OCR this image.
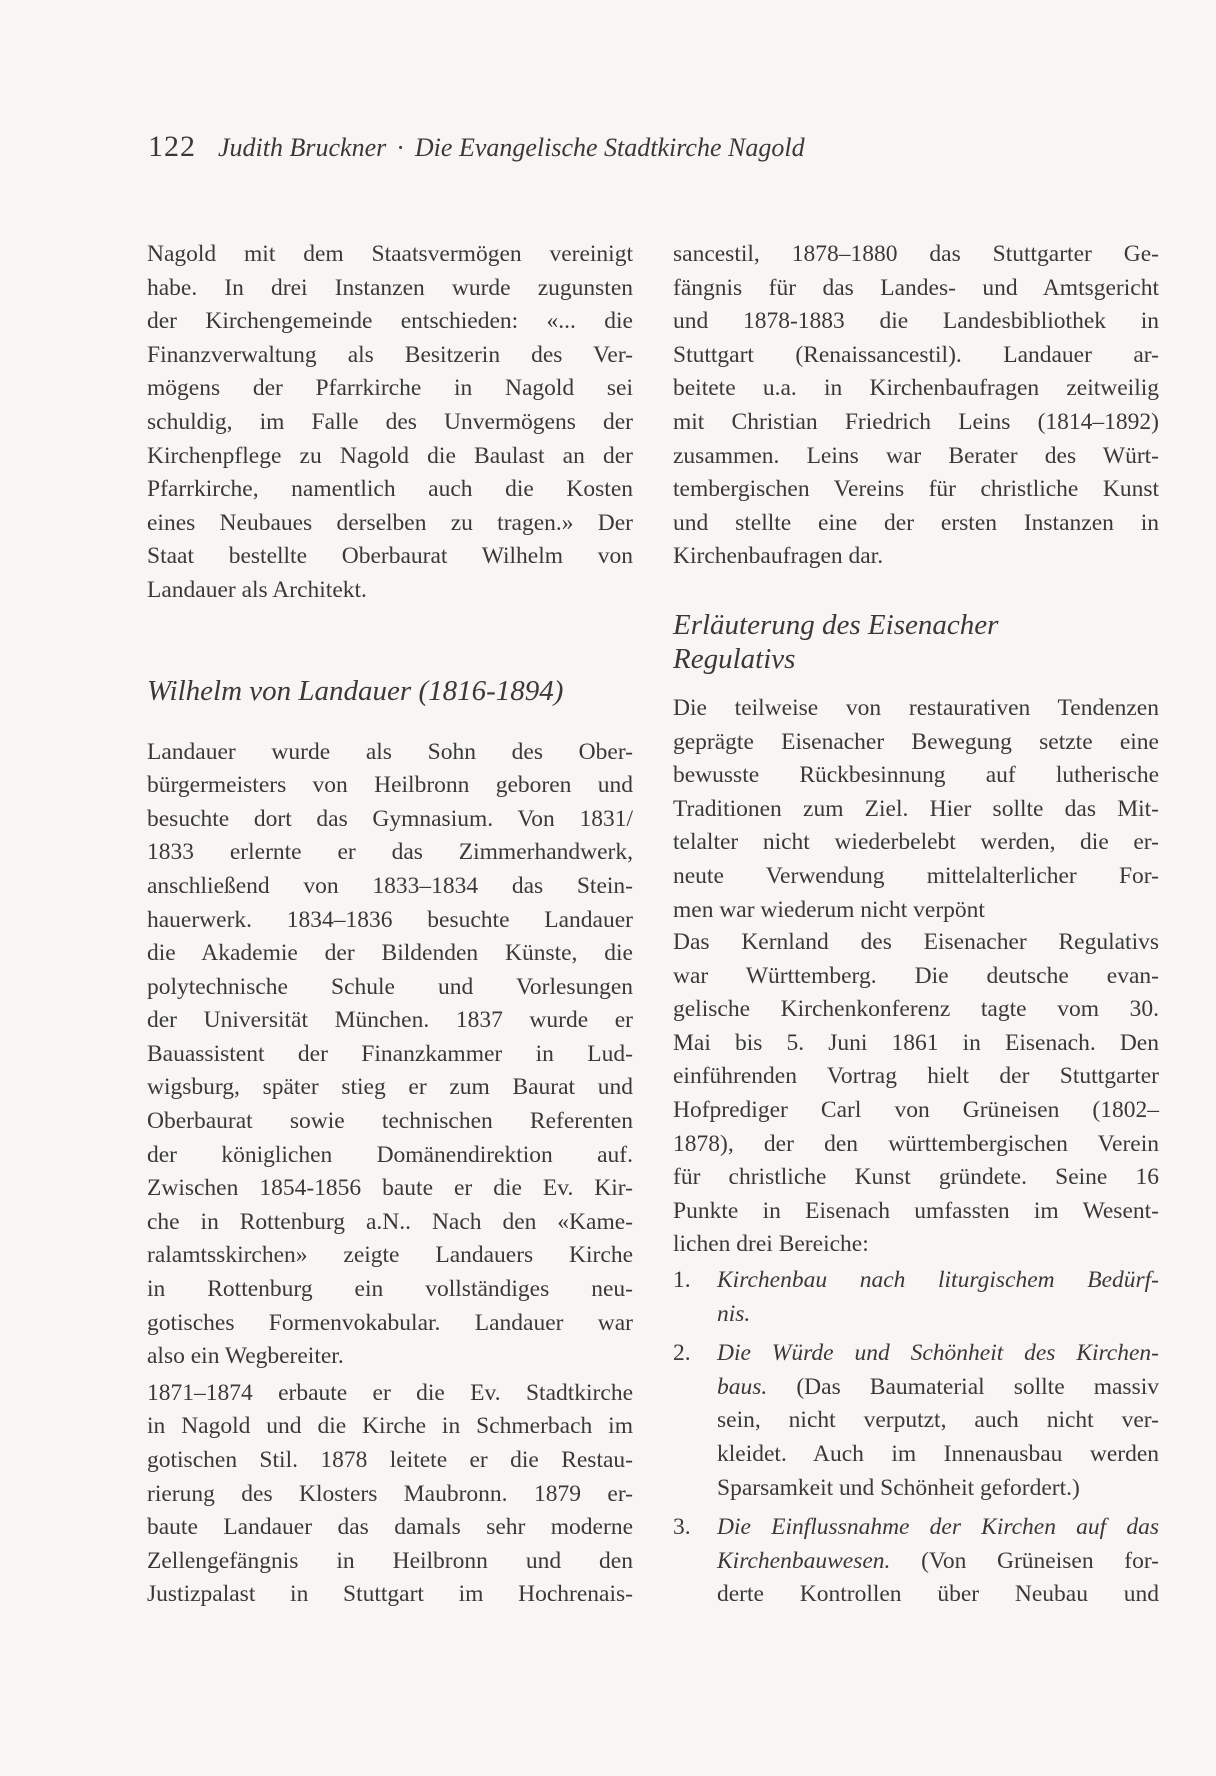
122 Judith Bruckner · Die Evangelische Stadtkirche Nagold
Nagold mit dem Staatsvermögen vereinigt
habe. In drei Instanzen wurde zugunsten
der Kirchengemeinde entschieden: «... die
Finanzverwaltung als Besitzerin des Ver-
mögens der Pfarrkirche in Nagold sei
schuldig, im Falle des Unvermögens der
Kirchenpflege zu Nagold die Baulast an der
Pfarrkirche, namentlich auch die Kosten
eines Neubaues derselben zu tragen.» Der
Staat bestellte Oberbaurat Wilhelm von
Landauer als Architekt.
Wilhelm von Landauer (1816-1894)
Landauer wurde als Sohn des Ober-
bürgermeisters von Heilbronn geboren und
besuchte dort das Gymnasium. Von 1831/
1833 erlernte er das Zimmerhandwerk,
anschließend von 1833–1834 das Stein-
hauerwerk. 1834–1836 besuchte Landauer
die Akademie der Bildenden Künste, die
polytechnische Schule und Vorlesungen
der Universität München. 1837 wurde er
Bauassistent der Finanzkammer in Lud-
wigsburg, später stieg er zum Baurat und
Oberbaurat sowie technischen Referenten
der königlichen Domänendirektion auf.
Zwischen 1854-1856 baute er die Ev. Kir-
che in Rottenburg a.N.. Nach den «Kame-
ralamtsskirchen» zeigte Landauers Kirche
in Rottenburg ein vollständiges neu-
gotisches Formenvokabular. Landauer war
also ein Wegbereiter.
1871–1874 erbaute er die Ev. Stadtkirche
in Nagold und die Kirche in Schmerbach im
gotischen Stil. 1878 leitete er die Restau-
rierung des Klosters Maubronn. 1879 er-
baute Landauer das damals sehr moderne
Zellengefängnis in Heilbronn und den
Justizpalast in Stuttgart im Hochrenais-
sancestil, 1878–1880 das Stuttgarter Ge-
fängnis für das Landes- und Amtsgericht
und 1878-1883 die Landesbibliothek in
Stuttgart (Renaissancestil). Landauer ar-
beitete u.a. in Kirchenbaufragen zeitweilig
mit Christian Friedrich Leins (1814–1892)
zusammen. Leins war Berater des Würt-
tembergischen Vereins für christliche Kunst
und stellte eine der ersten Instanzen in
Kirchenbaufragen dar.
Erläuterung des Eisenacher
Regulativs
Die teilweise von restaurativen Tendenzen
geprägte Eisenacher Bewegung setzte eine
bewusste Rückbesinnung auf lutherische
Traditionen zum Ziel. Hier sollte das Mit-
telalter nicht wiederbelebt werden, die er-
neute Verwendung mittelalterlicher For-
men war wiederum nicht verpönt
Das Kernland des Eisenacher Regulativs
war Württemberg. Die deutsche evan-
gelische Kirchenkonferenz tagte vom 30.
Mai bis 5. Juni 1861 in Eisenach. Den
einführenden Vortrag hielt der Stuttgarter
Hofprediger Carl von Grüneisen (1802–
1878), der den württembergischen Verein
für christliche Kunst gründete. Seine 16
Punkte in Eisenach umfassten im Wesent-
lichen drei Bereiche:
1. Kirchenbau nach liturgischem Bedürf-
nis.
2. Die Würde und Schönheit des Kirchen-
baus. (Das Baumaterial sollte massiv
sein, nicht verputzt, auch nicht ver-
kleidet. Auch im Innenausbau werden
Sparsamkeit und Schönheit gefordert.)
3. Die Einflussnahme der Kirchen auf das
Kirchenbauwesen. (Von Grüneisen for-
derte Kontrollen über Neubau und
